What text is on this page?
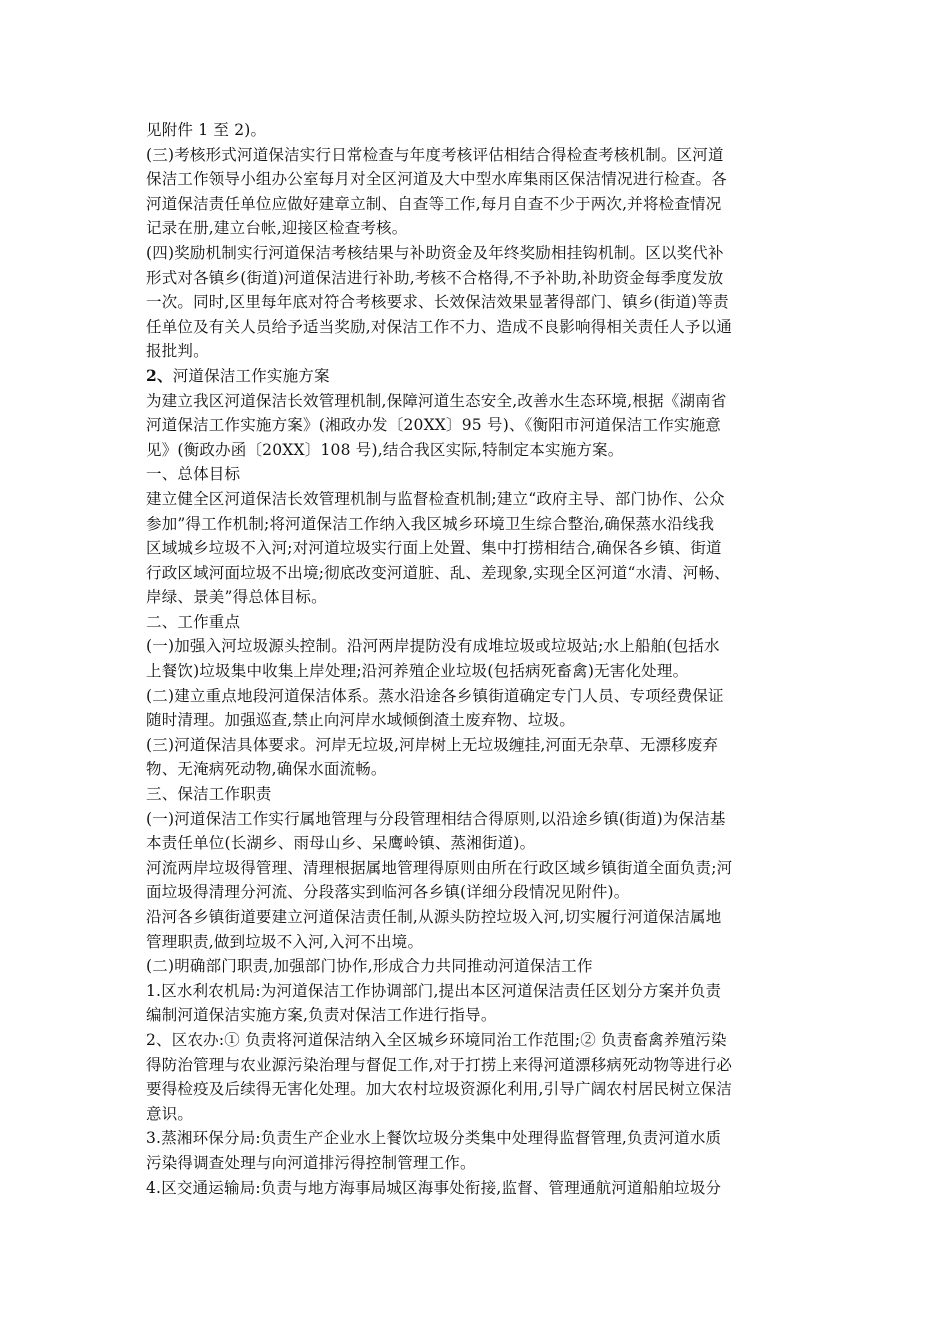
见附件 1 至 2)。
(三)考核形式河道保洁实行日常检查与年度考核评估相结合得检查考核机制。区河道
保洁工作领导小组办公室每月对全区河道及大中型水库集雨区保洁情况进行检查。各
河道保洁责任单位应做好建章立制、自查等工作,每月自查不少于两次,并将检查情况
记录在册,建立台帐,迎接区检查考核。
(四)奖励机制实行河道保洁考核结果与补助资金及年终奖励相挂钩机制。区以奖代补
形式对各镇乡(街道)河道保洁进行补助,考核不合格得,不予补助,补助资金每季度发放
一次。同时,区里每年底对符合考核要求、长效保洁效果显著得部门、镇乡(街道)等责
任单位及有关人员给予适当奖励,对保洁工作不力、造成不良影响得相关责任人予以通
报批判。
2、河道保洁工作实施方案
为建立我区河道保洁长效管理机制,保障河道生态安全,改善水生态环境,根据《湖南省
河道保洁工作实施方案》(湘政办发〔20XX〕95 号)、《衡阳市河道保洁工作实施意
见》(衡政办函〔20XX〕108 号),结合我区实际,特制定本实施方案。
一、总体目标
建立健全区河道保洁长效管理机制与监督检查机制;建立“政府主导、部门协作、公众
参加”得工作机制;将河道保洁工作纳入我区城乡环境卫生综合整治,确保蒸水沿线我
区域城乡垃圾不入河;对河道垃圾实行面上处置、集中打捞相结合,确保各乡镇、街道
行政区域河面垃圾不出境;彻底改变河道脏、乱、差现象,实现全区河道“水清、河畅、
岸绿、景美”得总体目标。
二、工作重点
(一)加强入河垃圾源头控制。沿河两岸提防没有成堆垃圾或垃圾站;水上船舶(包括水
上餐饮)垃圾集中收集上岸处理;沿河养殖企业垃圾(包括病死畜禽)无害化处理。
(二)建立重点地段河道保洁体系。蒸水沿途各乡镇街道确定专门人员、专项经费保证
随时清理。加强巡查,禁止向河岸水域倾倒渣土废弃物、垃圾。
(三)河道保洁具体要求。河岸无垃圾,河岸树上无垃圾缠挂,河面无杂草、无漂移废弃
物、无淹病死动物,确保水面流畅。
三、保洁工作职责
(一)河道保洁工作实行属地管理与分段管理相结合得原则,以沿途乡镇(街道)为保洁基
本责任单位(长湖乡、雨母山乡、呆鹰岭镇、蒸湘街道)。
河流两岸垃圾得管理、清理根据属地管理得原则由所在行政区域乡镇街道全面负责;河
面垃圾得清理分河流、分段落实到临河各乡镇(详细分段情况见附件)。
沿河各乡镇街道要建立河道保洁责任制,从源头防控垃圾入河,切实履行河道保洁属地
管理职责,做到垃圾不入河,入河不出境。
(二)明确部门职责,加强部门协作,形成合力共同推动河道保洁工作
1.区水利农机局:为河道保洁工作协调部门,提出本区河道保洁责任区划分方案并负责
编制河道保洁实施方案,负责对保洁工作进行指导。
2、区农办:① 负责将河道保洁纳入全区城乡环境同治工作范围;② 负责畜禽养殖污染
得防治管理与农业源污染治理与督促工作,对于打捞上来得河道漂移病死动物等进行必
要得检疫及后续得无害化处理。加大农村垃圾资源化利用,引导广阔农村居民树立保洁
意识。
3.蒸湘环保分局:负责生产企业水上餐饮垃圾分类集中处理得监督管理,负责河道水质
污染得调查处理与向河道排污得控制管理工作。
4.区交通运输局:负责与地方海事局城区海事处衔接,监督、管理通航河道船舶垃圾分
